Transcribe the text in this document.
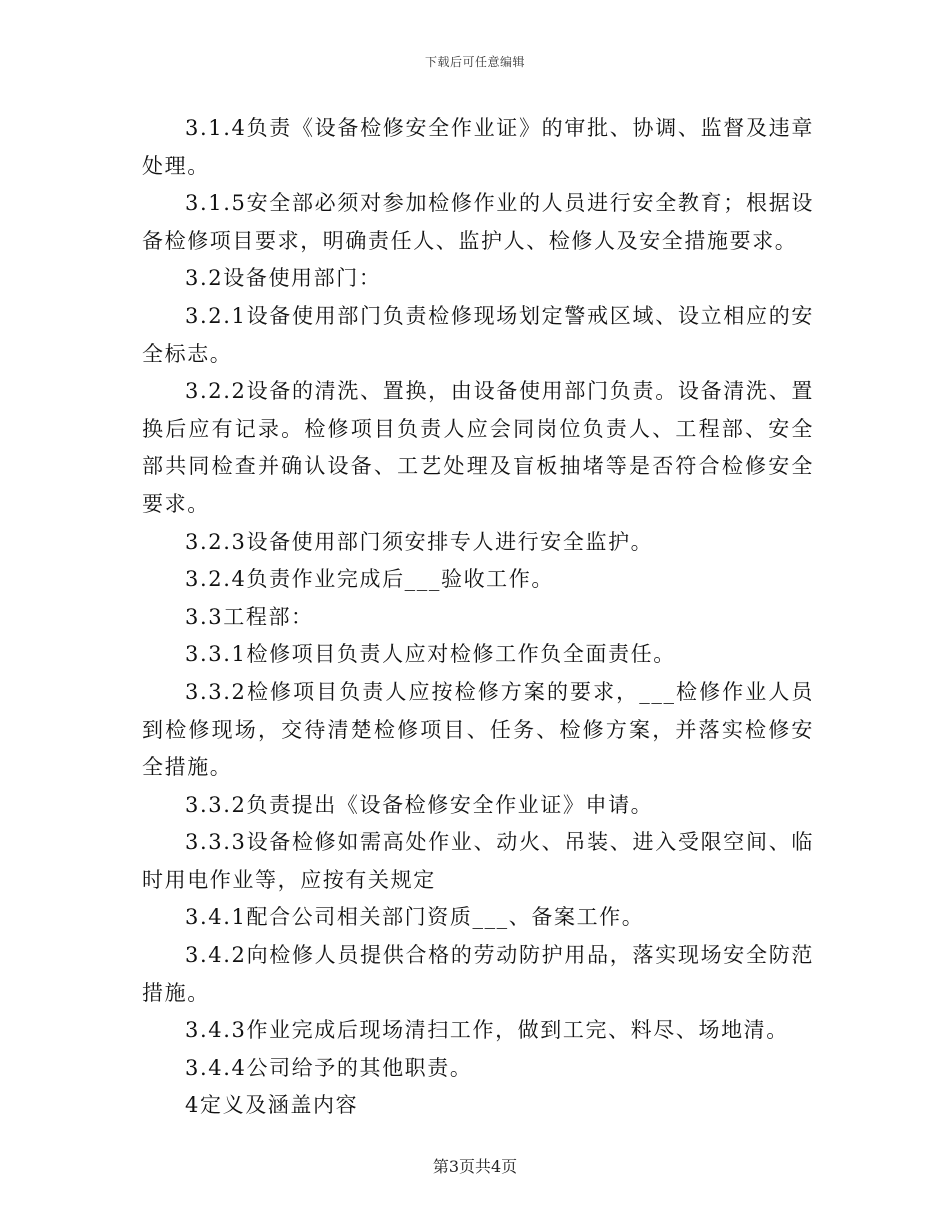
下载后可任意编辑

3.1.4负责《设备检修安全作业证》的审批、协调、监督及违章处理。

3.1.5安全部必须对参加检修作业的人员进行安全教育；根据设备检修项目要求，明确责任人、监护人、检修人及安全措施要求。

3.2设备使用部门：

3.2.1设备使用部门负责检修现场划定警戒区域、设立相应的安全标志。

3.2.2设备的清洗、置换，由设备使用部门负责。设备清洗、置换后应有记录。检修项目负责人应会同岗位负责人、工程部、安全部共同检查并确认设备、工艺处理及盲板抽堵等是否符合检修安全要求。

3.2.3设备使用部门须安排专人进行安全监护。

3.2.4负责作业完成后___验收工作。

3.3工程部：

3.3.1检修项目负责人应对检修工作负全面责任。

3.3.2检修项目负责人应按检修方案的要求，___检修作业人员到检修现场，交待清楚检修项目、任务、检修方案，并落实检修安全措施。

3.3.2负责提出《设备检修安全作业证》申请。

3.3.3设备检修如需高处作业、动火、吊装、进入受限空间、临时用电作业等，应按有关规定

3.4.1配合公司相关部门资质___、备案工作。

3.4.2向检修人员提供合格的劳动防护用品，落实现场安全防范措施。

3.4.3作业完成后现场清扫工作，做到工完、料尽、场地清。

3.4.4公司给予的其他职责。

4定义及涵盖内容

第3页共4页
